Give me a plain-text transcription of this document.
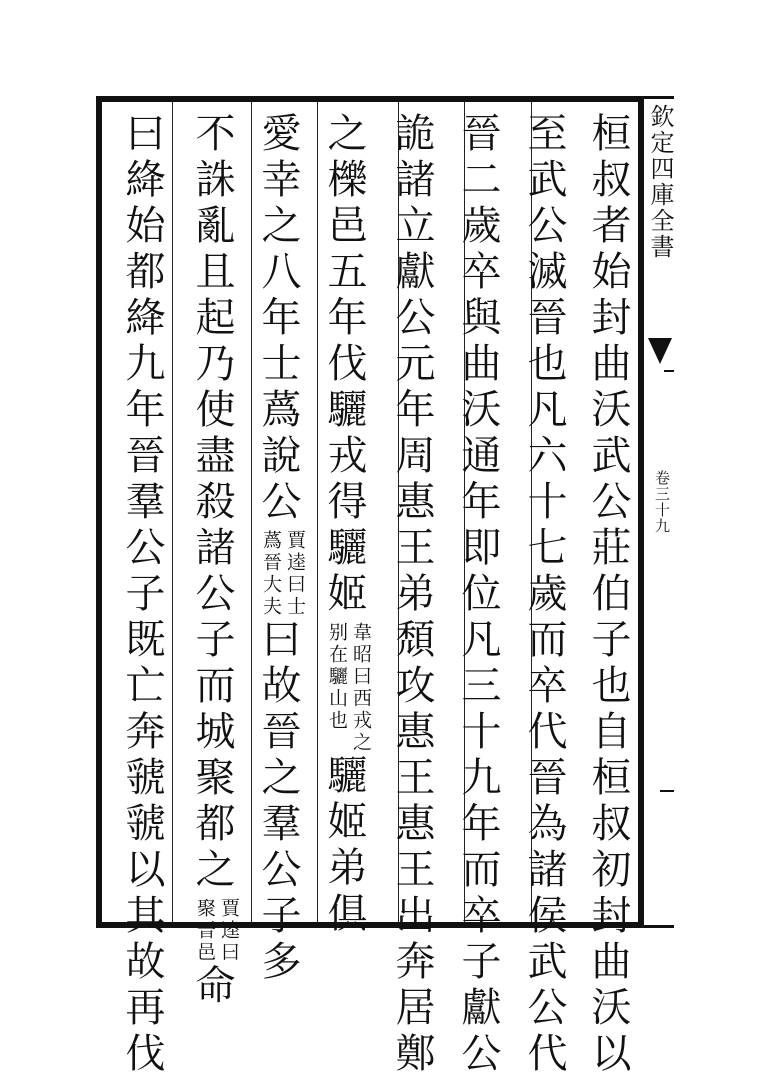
欽定四庫全書
卷三十九
桓叔者始封曲沃武公莊伯子也自桓叔初封曲沃以
至武公滅晉也凡六十七歲而卒代晉為諸侯武公代
晉二歲卒與曲沃通年即位凡三十九年而卒子獻公
詭諸立獻公元年周惠王弟頹攻惠王惠王出奔居鄭
之櫟邑五年伐驪戎得驪姬
韋昭曰西戎之
别在驪山也
驪姬弟俱
愛幸之八年士蔿說公
賈逵曰士
蔿晉大夫
曰故晉之羣公子多
不誅亂且起乃使盡殺諸公子而城聚都之
賈逵曰
聚晉邑
命
曰絳始都絳九年晉羣公子既亡奔虢虢以其故再伐
